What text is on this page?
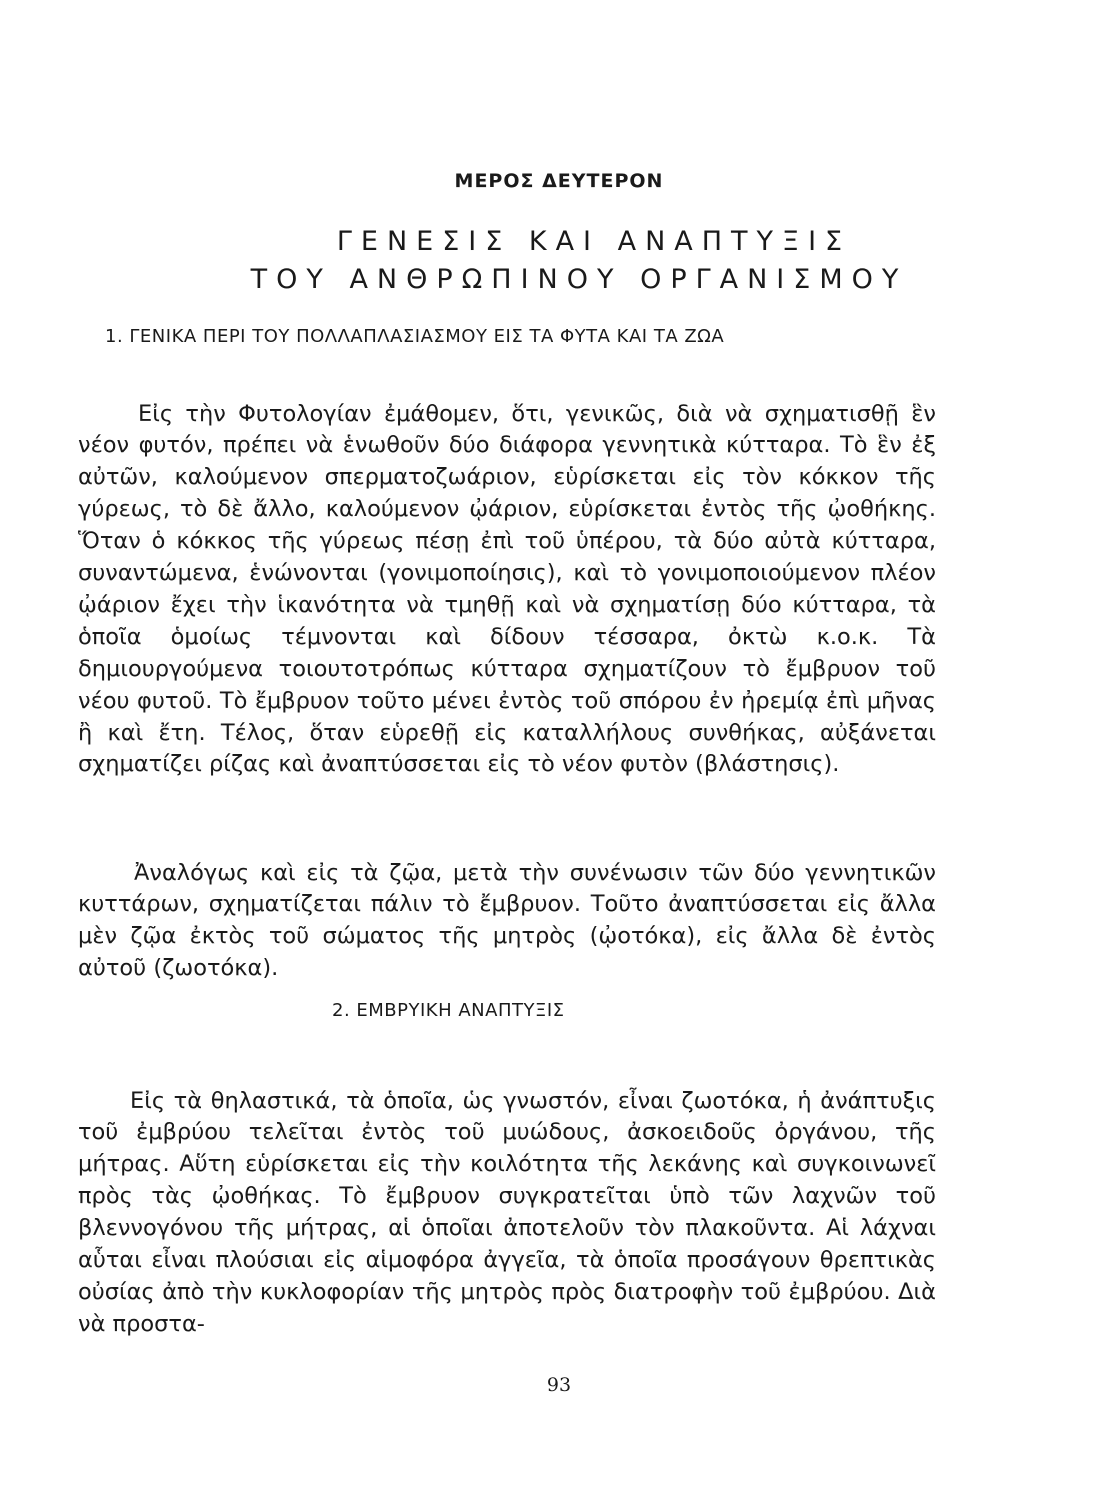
ΜΕΡΟΣ ΔΕΥΤΕΡΟΝ
ΓΕΝΕΣΙΣ ΚΑΙ ΑΝΑΠΤΥΞΙΣ
ΤΟΥ ΑΝΘΡΩΠΙΝΟΥ ΟΡΓΑΝΙΣΜΟΥ
1. ΓΕΝΙΚΑ ΠΕΡΙ ΤΟΥ ΠΟΛΛΑΠΛΑΣΙΑΣΜΟΥ ΕΙΣ ΤΑ ΦΥΤΑ ΚΑΙ ΤΑ ΖΩΑ

Εἰς τὴν Φυτολογίαν ἐμάθομεν, ὅτι, γενικῶς, διὰ νὰ σχηματισθῇ ἓν νέον φυτόν, πρέπει νὰ ἑνωθοῦν δύο διάφορα γεννητικὰ κύτταρα. Τὸ ἓν ἐξ αὐτῶν, καλούμενον σπερματοζωάριον, εὑρίσκεται εἰς τὸν κόκκον τῆς γύρεως, τὸ δὲ ἄλλο, καλούμενον ᾠάριον, εὑρίσκεται ἐντὸς τῆς ᾠοθήκης. Ὅταν ὁ κόκκος τῆς γύρεως πέσῃ ἐπὶ τοῦ ὑπέρου, τὰ δύο αὐτὰ κύτταρα, συναντώμενα, ἑνώνονται (γονιμοποίησις), καὶ τὸ γονιμοποιούμενον πλέον ᾠάριον ἔχει τὴν ἱκανότητα νὰ τμηθῇ καὶ νὰ σχηματίσῃ δύο κύτταρα, τὰ ὁποῖα ὁμοίως τέμνονται καὶ δίδουν τέσσαρα, ὀκτὼ κ.ο.κ. Τὰ δημιουργούμενα τοιουτοτρόπως κύτταρα σχηματίζουν τὸ ἔμβρυον τοῦ νέου φυτοῦ. Τὸ ἔμβρυον τοῦτο μένει ἐντὸς τοῦ σπόρου ἐν ἠρεμίᾳ ἐπὶ μῆνας ἢ καὶ ἔτη. Τέλος, ὅταν εὑρεθῇ εἰς καταλλήλους συνθήκας, αὐξάνεται σχηματίζει ρίζας καὶ ἀναπτύσσεται εἰς τὸ νέον φυτὸν (βλάστησις).

Ἀναλόγως καὶ εἰς τὰ ζῷα, μετὰ τὴν συνένωσιν τῶν δύο γεννητικῶν κυττάρων, σχηματίζεται πάλιν τὸ ἔμβρυον. Τοῦτο ἀναπτύσσεται εἰς ἄλλα μὲν ζῷα ἐκτὸς τοῦ σώματος τῆς μητρὸς (ᾠοτόκα), εἰς ἄλλα δὲ ἐντὸς αὐτοῦ (ζωοτόκα).

2. ΕΜΒΡΥΙΚΗ ΑΝΑΠΤΥΞΙΣ

Εἰς τὰ θηλαστικά, τὰ ὁποῖα, ὡς γνωστόν, εἶναι ζωοτόκα, ἡ ἀνάπτυξις τοῦ ἐμβρύου τελεῖται ἐντὸς τοῦ μυώδους, ἀσκοειδοῦς ὀργάνου, τῆς μήτρας. Αὕτη εὑρίσκεται εἰς τὴν κοιλότητα τῆς λεκάνης καὶ συγκοινωνεῖ πρὸς τὰς ᾠοθήκας. Τὸ ἔμβρυον συγκρατεῖται ὑπὸ τῶν λαχνῶν τοῦ βλεννογόνου τῆς μήτρας, αἱ ὁποῖαι ἀποτελοῦν τὸν πλακοῦντα. Αἱ λάχναι αὗται εἶναι πλούσιαι εἰς αἱμοφόρα ἀγγεῖα, τὰ ὁποῖα προσάγουν θρεπτικὰς οὐσίας ἀπὸ τὴν κυκλοφορίαν τῆς μητρὸς πρὸς διατροφὴν τοῦ ἐμβρύου. Διὰ νὰ προστα-

93
